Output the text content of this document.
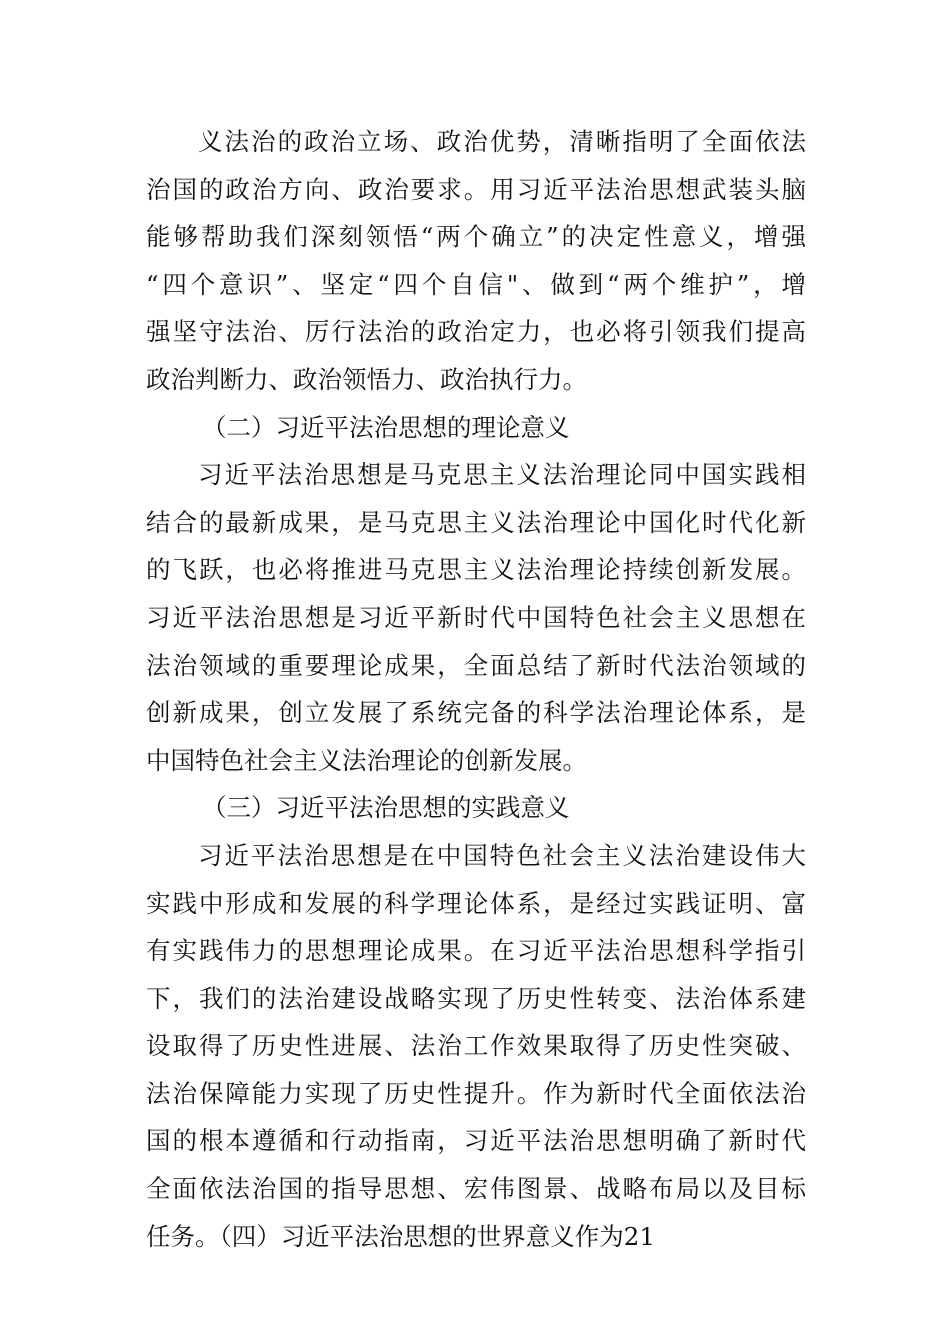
义法治的政治立场、政治优势，清晰指明了全面依法
治国的政治方向、政治要求。用习近平法治思想武装头脑
能够帮助我们深刻领悟“两个确立”的决定性意义，增强
“四个意识”、坚定“四个自信"、做到“两个维护”，增
强坚守法治、厉行法治的政治定力，也必将引领我们提高
政治判断力、政治领悟力、政治执行力。
（二）习近平法治思想的理论意义
习近平法治思想是马克思主义法治理论同中国实践相
结合的最新成果，是马克思主义法治理论中国化时代化新
的飞跃，也必将推进马克思主义法治理论持续创新发展。
习近平法治思想是习近平新时代中国特色社会主义思想在
法治领域的重要理论成果，全面总结了新时代法治领域的
创新成果，创立发展了系统完备的科学法治理论体系，是
中国特色社会主义法治理论的创新发展。
（三）习近平法治思想的实践意义
习近平法治思想是在中国特色社会主义法治建设伟大
实践中形成和发展的科学理论体系，是经过实践证明、富
有实践伟力的思想理论成果。在习近平法治思想科学指引
下，我们的法治建设战略实现了历史性转变、法治体系建
设取得了历史性进展、法治工作效果取得了历史性突破、
法治保障能力实现了历史性提升。作为新时代全面依法治
国的根本遵循和行动指南，习近平法治思想明确了新时代
全面依法治国的指导思想、宏伟图景、战略布局以及目标
任务。（四）习近平法治思想的世界意义作为21
